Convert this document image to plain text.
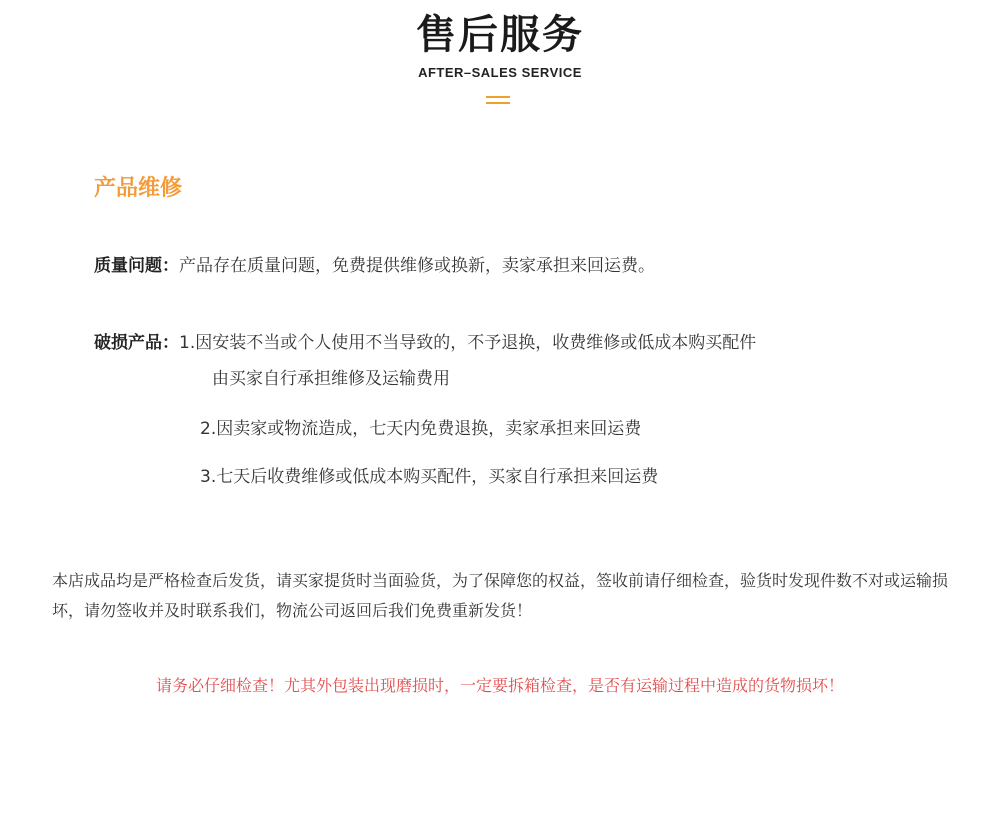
售后服务
AFTER–SALES SERVICE
产品维修
质量问题：产品存在质量问题，免费提供维修或换新，卖家承担来回运费。
破损产品：1.因安装不当或个人使用不当导致的，不予退换，收费维修或低成本购买配件
由买家自行承担维修及运输费用
2.因卖家或物流造成，七天内免费退换，卖家承担来回运费
3.七天后收费维修或低成本购买配件，买家自行承担来回运费
本店成品均是严格检查后发货，请买家提货时当面验货，为了保障您的权益，签收前请仔细检查，验货时发现件数不对或运输损坏，请勿签收并及时联系我们，物流公司返回后我们免费重新发货！
请务必仔细检查！尤其外包装出现磨损时，一定要拆箱检查，是否有运输过程中造成的货物损坏！
